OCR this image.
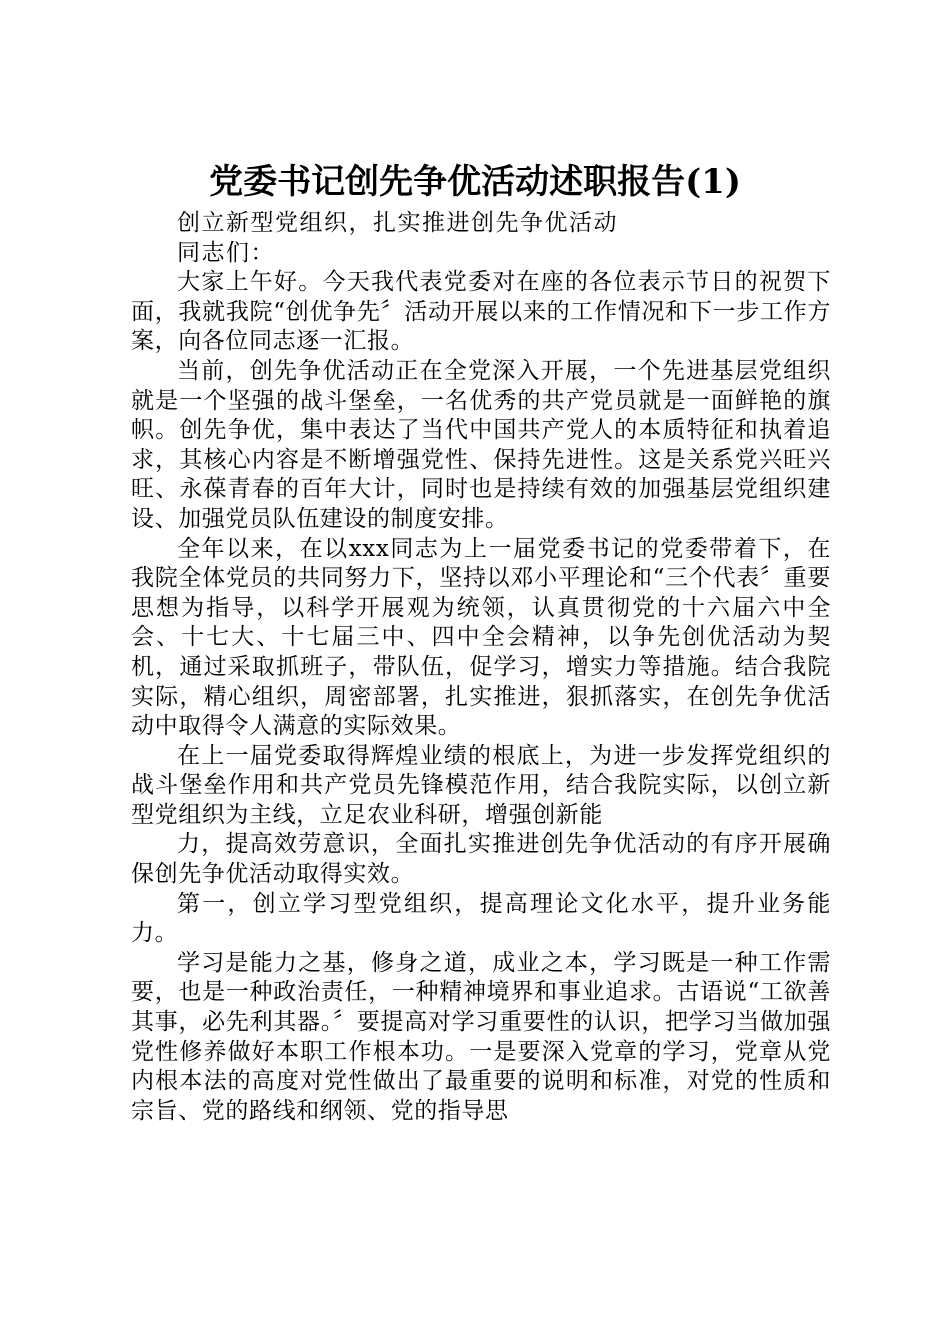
党委书记创先争优活动述职报告(1)

创立新型党组织，扎实推进创先争优活动

同志们：

大家上午好。今天我代表党委对在座的各位表示节日的祝贺下面，我就我院“创优争先〞活动开展以来的工作情况和下一步工作方案，向各位同志逐一汇报。

当前，创先争优活动正在全党深入开展，一个先进基层党组织就是一个坚强的战斗堡垒，一名优秀的共产党员就是一面鲜艳的旗帜。创先争优，集中表达了当代中国共产党人的本质特征和执着追求，其核心内容是不断增强党性、保持先进性。这是关系党兴旺兴旺、永葆青春的百年大计，同时也是持续有效的加强基层党组织建设、加强党员队伍建设的制度安排。

全年以来，在以xxx同志为上一届党委书记的党委带着下，在我院全体党员的共同努力下，坚持以邓小平理论和“三个代表〞重要思想为指导，以科学开展观为统领，认真贯彻党的十六届六中全会、十七大、十七届三中、四中全会精神，以争先创优活动为契机，通过采取抓班子，带队伍，促学习，增实力等措施。结合我院实际，精心组织，周密部署，扎实推进，狠抓落实，在创先争优活动中取得令人满意的实际效果。

在上一届党委取得辉煌业绩的根底上，为进一步发挥党组织的战斗堡垒作用和共产党员先锋模范作用，结合我院实际，以创立新型党组织为主线，立足农业科研，增强创新能

力，提高效劳意识，全面扎实推进创先争优活动的有序开展确保创先争优活动取得实效。

第一，创立学习型党组织，提高理论文化水平，提升业务能力。

学习是能力之基，修身之道，成业之本，学习既是一种工作需要，也是一种政治责任，一种精神境界和事业追求。古语说“工欲善其事，必先利其器。〞要提高对学习重要性的认识，把学习当做加强党性修养做好本职工作根本功。一是要深入党章的学习，党章从党内根本法的高度对党性做出了最重要的说明和标准，对党的性质和宗旨、党的路线和纲领、党的指导思
